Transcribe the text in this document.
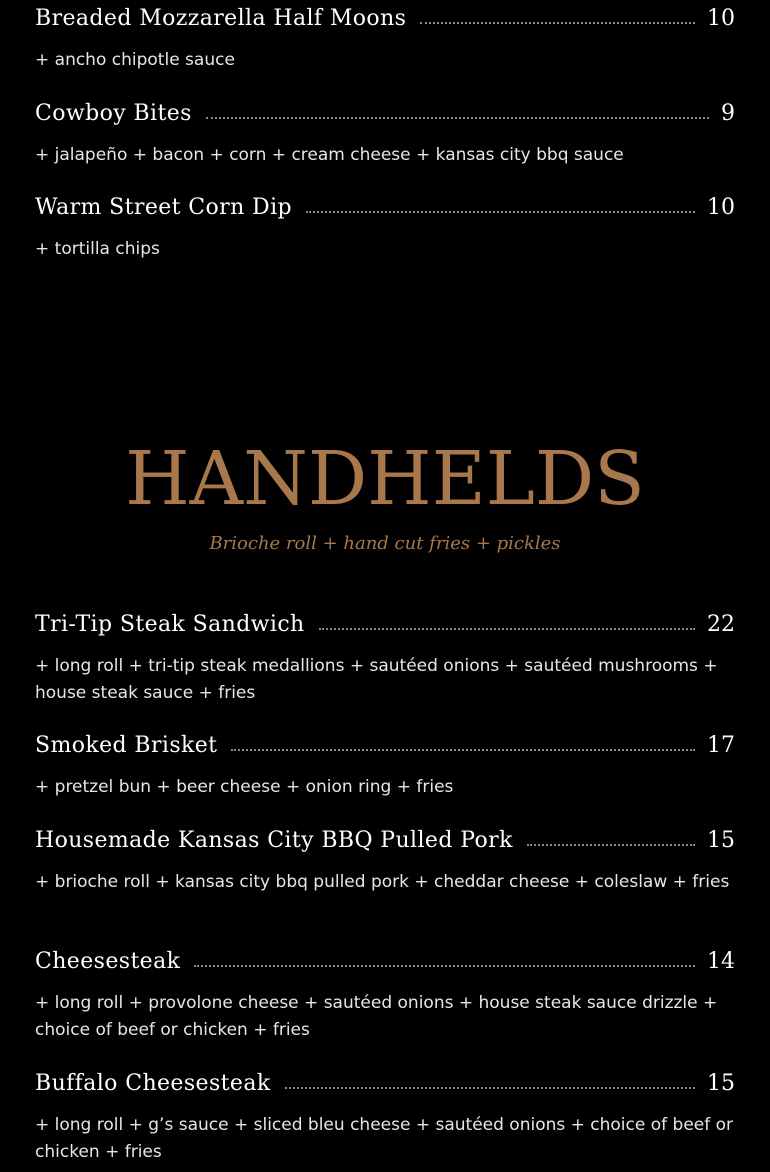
Breaded Mozzarella Half Moons	10
+ ancho chipotle sauce
Cowboy Bites	9
+ jalapeño + bacon + corn + cream cheese + kansas city bbq sauce
Warm Street Corn Dip	10
+ tortilla chips
HANDHELDS
Brioche roll + hand cut fries + pickles
Tri-Tip Steak Sandwich	22
+ long roll + tri-tip steak medallions + sautéed onions + sautéed mushrooms + house steak sauce + fries
Smoked Brisket	17
+ pretzel bun + beer cheese + onion ring + fries
Housemade Kansas City BBQ Pulled Pork	15
+ brioche roll + kansas city bbq pulled pork + cheddar cheese + coleslaw + fries
Cheesesteak	14
+ long roll + provolone cheese + sautéed onions + house steak sauce drizzle + choice of beef or chicken + fries
Buffalo Cheesesteak	15
+ long roll + g’s sauce + sliced bleu cheese + sautéed onions + choice of beef or chicken + fries
